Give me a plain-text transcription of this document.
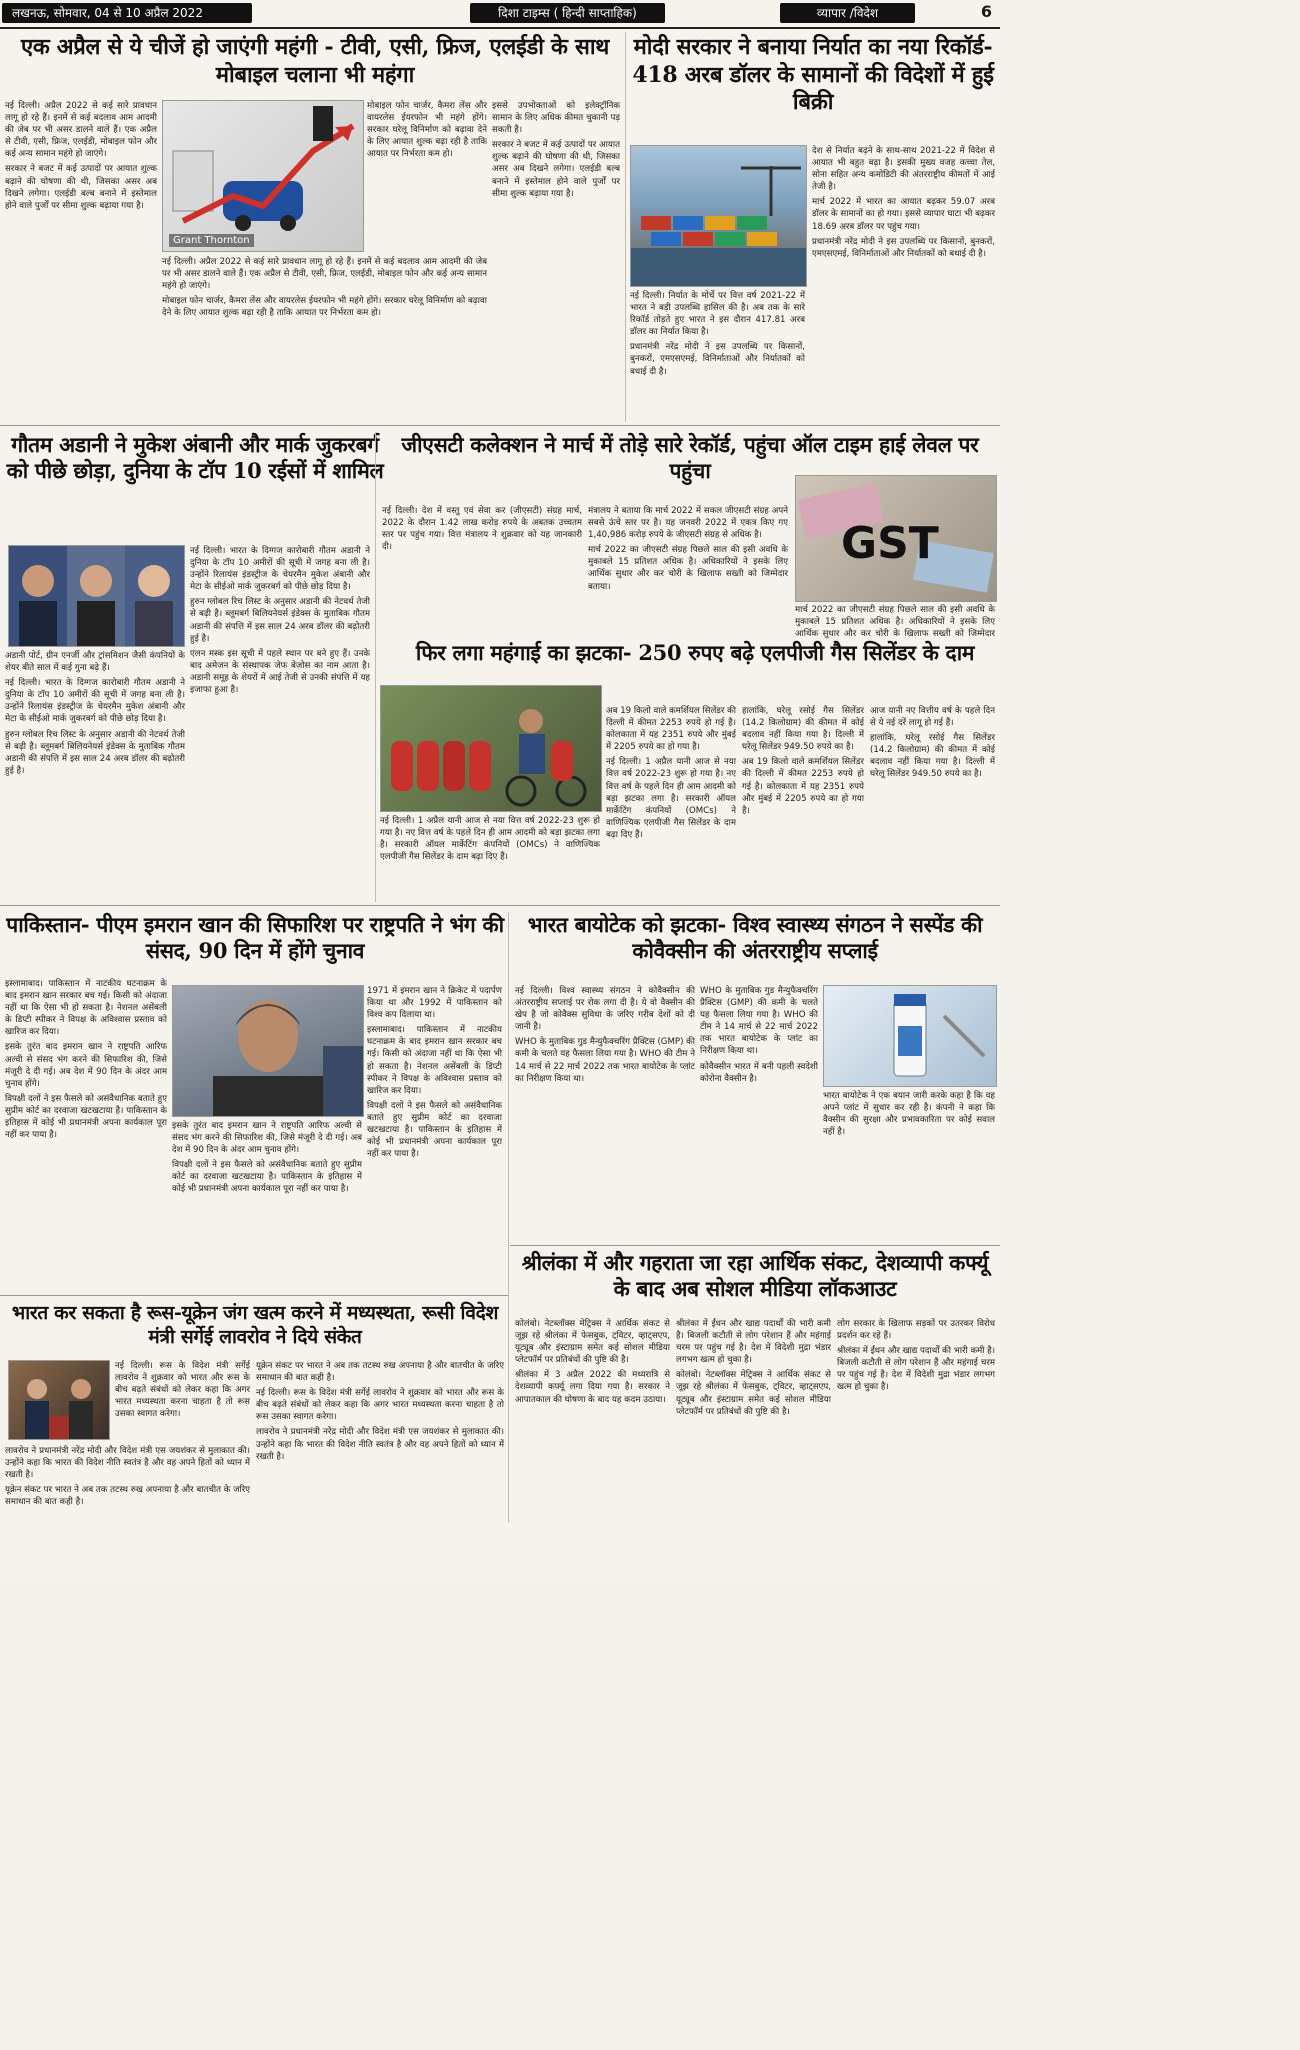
लखनऊ, सोमवार, 04 से 10 अप्रैल 2022	दिशा टाइम्स ( हिन्दी साप्ताहिक)	व्यापार /विदेश	6
एक अप्रैल से ये चीजें हो जाएंगी महंगी - टीवी, एसी, फ्रिज, एलईडी के साथ मोबाइल चलाना भी महंगा
Grant Thornton

नई दिल्ली। अप्रैल 2022 से कई सारे प्रावधान लागू हो रहे हैं। इनमें से कई बदलाव आम आदमी की जेब पर भी असर डालने वाले हैं। एक अप्रैल से टीवी, एसी, फ्रिज, एलईडी, मोबाइल फोन और कई अन्य सामान महंगे हो जाएंगे।

सरकार ने बजट में कई उत्पादों पर आयात शुल्क बढ़ाने की घोषणा की थी, जिसका असर अब दिखने लगेगा। एलईडी बल्ब बनाने में इस्तेमाल होने वाले पुर्जों पर सीमा शुल्क बढ़ाया गया है।

मोबाइल फोन चार्जर, कैमरा लेंस और वायरलेस ईयरफोन भी महंगे होंगे। सरकार घरेलू विनिर्माण को बढ़ावा देने के लिए आयात शुल्क बढ़ा रही है ताकि आयात पर निर्भरता कम हो।

इससे उपभोक्ताओं को इलेक्ट्रॉनिक सामान के लिए अधिक कीमत चुकानी पड़ सकती है।

सरकार ने बजट में कई उत्पादों पर आयात शुल्क बढ़ाने की घोषणा की थी, जिसका असर अब दिखने लगेगा। एलईडी बल्ब बनाने में इस्तेमाल होने वाले पुर्जों पर सीमा शुल्क बढ़ाया गया है।

नई दिल्ली। अप्रैल 2022 से कई सारे प्रावधान लागू हो रहे हैं। इनमें से कई बदलाव आम आदमी की जेब पर भी असर डालने वाले हैं। एक अप्रैल से टीवी, एसी, फ्रिज, एलईडी, मोबाइल फोन और कई अन्य सामान महंगे हो जाएंगे।

मोबाइल फोन चार्जर, कैमरा लेंस और वायरलेस ईयरफोन भी महंगे होंगे। सरकार घरेलू विनिर्माण को बढ़ावा देने के लिए आयात शुल्क बढ़ा रही है ताकि आयात पर निर्भरता कम हो।

मोदी सरकार ने बनाया निर्यात का नया रिकॉर्ड- 418 अरब डॉलर के सामानों की विदेशों में हुई बिक्री

नई दिल्ली। निर्यात के मोर्चे पर वित्त वर्ष 2021-22 में भारत ने बड़ी उपलब्धि हासिल की है। अब तक के सारे रिकॉर्ड तोड़ते हुए भारत ने इस दौरान 417.81 अरब डॉलर का निर्यात किया है।

प्रधानमंत्री नरेंद्र मोदी ने इस उपलब्धि पर किसानों, बुनकरों, एमएसएमई, विनिर्माताओं और निर्यातकों को बधाई दी है।

देश से निर्यात बढ़ने के साथ-साथ 2021-22 में विदेश से आयात भी बहुत बढ़ा है। इसकी मुख्य वजह कच्चा तेल, सोना सहित अन्य कमोडिटी की अंतरराष्ट्रीय कीमतों में आई तेजी है।

मार्च 2022 में भारत का आयात बढ़कर 59.07 अरब डॉलर के सामानों का हो गया। इससे व्यापार घाटा भी बढ़कर 18.69 अरब डॉलर पर पहुंच गया।

प्रधानमंत्री नरेंद्र मोदी ने इस उपलब्धि पर किसानों, बुनकरों, एमएसएमई, विनिर्माताओं और निर्यातकों को बधाई दी है।

गौतम अडानी ने मुकेश अंबानी और मार्क जुकरबर्ग को पीछे छोड़ा, दुनिया के टॉप 10 रईसों में शामिल

नई दिल्ली। भारत के दिग्गज कारोबारी गौतम अडानी ने दुनिया के टॉप 10 अमीरों की सूची में जगह बना ली है। उन्होंने रिलायंस इंडस्ट्रीज के चेयरमैन मुकेश अंबानी और मेटा के सीईओ मार्क जुकरबर्ग को पीछे छोड़ दिया है।

हुरुन ग्लोबल रिच लिस्ट के अनुसार अडानी की नेटवर्थ तेजी से बढ़ी है। ब्लूमबर्ग बिलियनेयर्स इंडेक्स के मुताबिक गौतम अडानी की संपत्ति में इस साल 24 अरब डॉलर की बढ़ोतरी हुई है।

एलन मस्क इस सूची में पहले स्थान पर बने हुए हैं। उनके बाद अमेजन के संस्थापक जेफ बेजोस का नाम आता है। अडानी समूह के शेयरों में आई तेजी से उनकी संपत्ति में यह इजाफा हुआ है।

अडानी पोर्ट, ग्रीन एनर्जी और ट्रांसमिशन जैसी कंपनियों के शेयर बीते साल में कई गुना बढ़े हैं।

नई दिल्ली। भारत के दिग्गज कारोबारी गौतम अडानी ने दुनिया के टॉप 10 अमीरों की सूची में जगह बना ली है। उन्होंने रिलायंस इंडस्ट्रीज के चेयरमैन मुकेश अंबानी और मेटा के सीईओ मार्क जुकरबर्ग को पीछे छोड़ दिया है।

हुरुन ग्लोबल रिच लिस्ट के अनुसार अडानी की नेटवर्थ तेजी से बढ़ी है। ब्लूमबर्ग बिलियनेयर्स इंडेक्स के मुताबिक गौतम अडानी की संपत्ति में इस साल 24 अरब डॉलर की बढ़ोतरी हुई है।

जीएसटी कलेक्शन ने मार्च में तोड़े सारे रेकॉर्ड, पहुंचा ऑल टाइम हाई लेवल पर पहुंचा

नई दिल्ली। देश में वस्तु एवं सेवा कर (जीएसटी) संग्रह मार्च, 2022 के दौरान 1.42 लाख करोड़ रुपये के अबतक उच्चतम स्तर पर पहुंच गया। वित्त मंत्रालय ने शुक्रवार को यह जानकारी दी।

मंत्रालय ने बताया कि मार्च 2022 में सकल जीएसटी संग्रह अपने सबसे ऊंचे स्तर पर है। यह जनवरी 2022 में एकत्र किए गए 1,40,986 करोड़ रुपये के जीएसटी संग्रह से अधिक है।

मार्च 2022 का जीएसटी संग्रह पिछले साल की इसी अवधि के मुकाबले 15 प्रतिशत अधिक है। अधिकारियों ने इसके लिए आर्थिक सुधार और कर चोरी के खिलाफ सख्ती को जिम्मेदार बताया।

GST

मार्च 2022 का जीएसटी संग्रह पिछले साल की इसी अवधि के मुकाबले 15 प्रतिशत अधिक है। अधिकारियों ने इसके लिए आर्थिक सुधार और कर चोरी के खिलाफ सख्ती को जिम्मेदार

फिर लगा महंगाई का झटका- 250 रुपए बढ़े एलपीजी गैस सिलेंडर के दाम

नई दिल्ली। 1 अप्रैल यानी आज से नया वित्त वर्ष 2022-23 शुरू हो गया है। नए वित्त वर्ष के पहले दिन ही आम आदमी को बड़ा झटका लगा है। सरकारी ऑयल मार्केटिंग कंपनियों (OMCs) ने वाणिज्यिक एलपीजी गैस सिलेंडर के दाम बढ़ा दिए हैं।

अब 19 किलो वाले कमर्शियल सिलेंडर की दिल्ली में कीमत 2253 रुपये हो गई है। कोलकाता में यह 2351 रुपये और मुंबई में 2205 रुपये का हो गया है।

नई दिल्ली। 1 अप्रैल यानी आज से नया वित्त वर्ष 2022-23 शुरू हो गया है। नए वित्त वर्ष के पहले दिन ही आम आदमी को बड़ा झटका लगा है। सरकारी ऑयल मार्केटिंग कंपनियों (OMCs) ने वाणिज्यिक एलपीजी गैस सिलेंडर के दाम बढ़ा दिए हैं।

हालांकि, घरेलू रसोई गैस सिलेंडर (14.2 किलोग्राम) की कीमत में कोई बदलाव नहीं किया गया है। दिल्ली में घरेलू सिलेंडर 949.50 रुपये का है।

अब 19 किलो वाले कमर्शियल सिलेंडर की दिल्ली में कीमत 2253 रुपये हो गई है। कोलकाता में यह 2351 रुपये और मुंबई में 2205 रुपये का हो गया है।

आज यानी नए वित्तीय वर्ष के पहले दिन से ये नई दरें लागू हो गई हैं।

हालांकि, घरेलू रसोई गैस सिलेंडर (14.2 किलोग्राम) की कीमत में कोई बदलाव नहीं किया गया है। दिल्ली में घरेलू सिलेंडर 949.50 रुपये का है।

पाकिस्तान- पीएम इमरान खान की सिफारिश पर राष्ट्रपति ने भंग की संसद, 90 दिन में होंगे चुनाव

इस्लामाबाद। पाकिस्तान में नाटकीय घटनाक्रम के बाद इमरान खान सरकार बच गई। किसी को अंदाजा नहीं था कि ऐसा भी हो सकता है। नेशनल असेंबली के डिप्टी स्पीकर ने विपक्ष के अविश्वास प्रस्ताव को खारिज कर दिया।

इसके तुरंत बाद इमरान खान ने राष्ट्रपति आरिफ अल्वी से संसद भंग करने की सिफारिश की, जिसे मंजूरी दे दी गई। अब देश में 90 दिन के अंदर आम चुनाव होंगे।

विपक्षी दलों ने इस फैसले को असंवैधानिक बताते हुए सुप्रीम कोर्ट का दरवाजा खटखटाया है। पाकिस्तान के इतिहास में कोई भी प्रधानमंत्री अपना कार्यकाल पूरा नहीं कर पाया है।

इसके तुरंत बाद इमरान खान ने राष्ट्रपति आरिफ अल्वी से संसद भंग करने की सिफारिश की, जिसे मंजूरी दे दी गई। अब देश में 90 दिन के अंदर आम चुनाव होंगे।

विपक्षी दलों ने इस फैसले को असंवैधानिक बताते हुए सुप्रीम कोर्ट का दरवाजा खटखटाया है। पाकिस्तान के इतिहास में कोई भी प्रधानमंत्री अपना कार्यकाल पूरा नहीं कर पाया है।

1971 में इमरान खान ने क्रिकेट में पदार्पण किया था और 1992 में पाकिस्तान को विश्व कप दिलाया था।

इस्लामाबाद। पाकिस्तान में नाटकीय घटनाक्रम के बाद इमरान खान सरकार बच गई। किसी को अंदाजा नहीं था कि ऐसा भी हो सकता है। नेशनल असेंबली के डिप्टी स्पीकर ने विपक्ष के अविश्वास प्रस्ताव को खारिज कर दिया।

विपक्षी दलों ने इस फैसले को असंवैधानिक बताते हुए सुप्रीम कोर्ट का दरवाजा खटखटाया है। पाकिस्तान के इतिहास में कोई भी प्रधानमंत्री अपना कार्यकाल पूरा नहीं कर पाया है।

भारत बायोटेक को झटका- विश्व स्वास्थ्य संगठन ने सस्पेंड की कोवैक्सीन की अंतरराष्ट्रीय सप्लाई

नई दिल्ली। विश्व स्वास्थ्य संगठन ने कोवैक्सीन की अंतरराष्ट्रीय सप्लाई पर रोक लगा दी है। ये वो वैक्सीन की खेप है जो कोवैक्स सुविधा के जरिए गरीब देशों को दी जानी है।

WHO के मुताबिक गुड मैन्युफैक्चरिंग प्रैक्टिस (GMP) की कमी के चलते यह फैसला लिया गया है। WHO की टीम ने 14 मार्च से 22 मार्च 2022 तक भारत बायोटेक के प्लांट का निरीक्षण किया था।

WHO के मुताबिक गुड मैन्युफैक्चरिंग प्रैक्टिस (GMP) की कमी के चलते यह फैसला लिया गया है। WHO की टीम ने 14 मार्च से 22 मार्च 2022 तक भारत बायोटेक के प्लांट का निरीक्षण किया था।

कोवैक्सीन भारत में बनी पहली स्वदेशी कोरोना वैक्सीन है।

भारत बायोटेक ने एक बयान जारी करके कहा है कि वह अपने प्लांट में सुधार कर रही है। कंपनी ने कहा कि वैक्सीन की सुरक्षा और प्रभावकारिता पर कोई सवाल नहीं है।

श्रीलंका में और गहराता जा रहा आर्थिक संकट, देशव्यापी कर्फ्यू के बाद अब सोशल मीडिया लॉकआउट

कोलंबो। नेटब्लॉक्स मेट्रिक्स ने आर्थिक संकट से जूझ रहे श्रीलंका में फेसबुक, ट्विटर, व्हाट्सएप, यूट्यूब और इंस्टाग्राम समेत कई सोशल मीडिया प्लेटफॉर्म पर प्रतिबंधों की पुष्टि की है।

श्रीलंका में 3 अप्रैल 2022 की मध्यरात्रि से देशव्यापी कर्फ्यू लगा दिया गया है। सरकार ने आपातकाल की घोषणा के बाद यह कदम उठाया।

श्रीलंका में ईंधन और खाद्य पदार्थों की भारी कमी है। बिजली कटौती से लोग परेशान हैं और महंगाई चरम पर पहुंच गई है। देश में विदेशी मुद्रा भंडार लगभग खत्म हो चुका है।

कोलंबो। नेटब्लॉक्स मेट्रिक्स ने आर्थिक संकट से जूझ रहे श्रीलंका में फेसबुक, ट्विटर, व्हाट्सएप, यूट्यूब और इंस्टाग्राम समेत कई सोशल मीडिया प्लेटफॉर्म पर प्रतिबंधों की पुष्टि की है।

लोग सरकार के खिलाफ सड़कों पर उतरकर विरोध प्रदर्शन कर रहे हैं।

श्रीलंका में ईंधन और खाद्य पदार्थों की भारी कमी है। बिजली कटौती से लोग परेशान हैं और महंगाई चरम पर पहुंच गई है। देश में विदेशी मुद्रा भंडार लगभग खत्म हो चुका है।

भारत कर सकता है रूस-यूक्रेन जंग खत्म करने में मध्यस्थता, रूसी विदेश मंत्री सर्गेई लावरोव ने दिये संकेत

नई दिल्ली। रूस के विदेश मंत्री सर्गेई लावरोव ने शुक्रवार को भारत और रूस के बीच बढ़ते संबंधों को लेकर कहा कि अगर भारत मध्यस्थता करना चाहता है तो रूस उसका स्वागत करेगा।

लावरोव ने प्रधानमंत्री नरेंद्र मोदी और विदेश मंत्री एस जयशंकर से मुलाकात की। उन्होंने कहा कि भारत की विदेश नीति स्वतंत्र है और वह अपने हितों को ध्यान में रखती है।

यूक्रेन संकट पर भारत ने अब तक तटस्थ रुख अपनाया है और बातचीत के जरिए समाधान की बात कही है।

यूक्रेन संकट पर भारत ने अब तक तटस्थ रुख अपनाया है और बातचीत के जरिए समाधान की बात कही है।

नई दिल्ली। रूस के विदेश मंत्री सर्गेई लावरोव ने शुक्रवार को भारत और रूस के बीच बढ़ते संबंधों को लेकर कहा कि अगर भारत मध्यस्थता करना चाहता है तो रूस उसका स्वागत करेगा।

लावरोव ने प्रधानमंत्री नरेंद्र मोदी और विदेश मंत्री एस जयशंकर से मुलाकात की। उन्होंने कहा कि भारत की विदेश नीति स्वतंत्र है और वह अपने हितों को ध्यान में रखती है।
